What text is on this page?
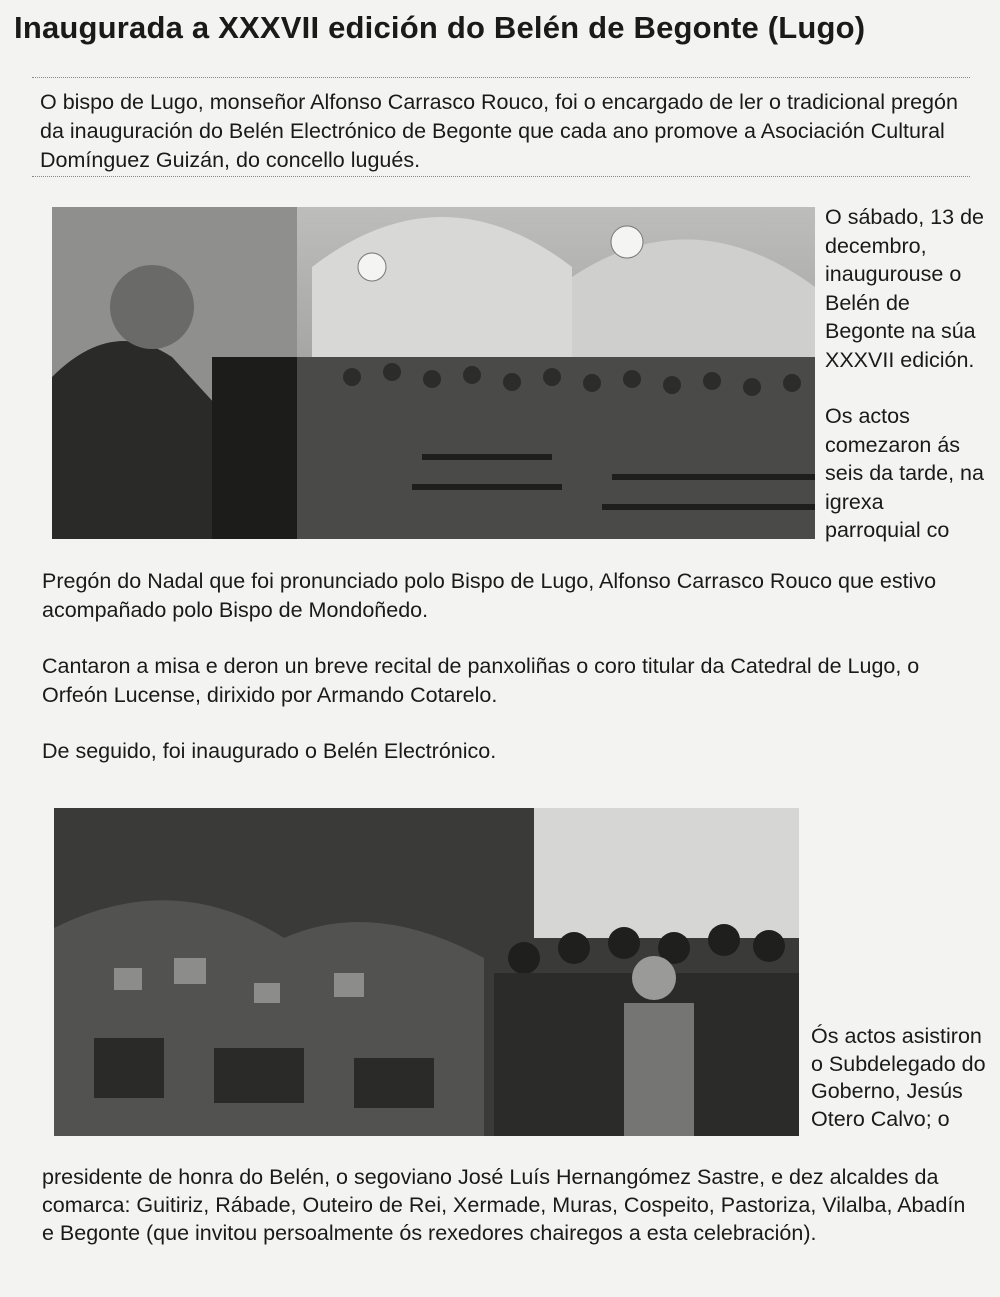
Inaugurada a XXXVII edición do Belén de Begonte (Lugo)
O bispo de Lugo, monseñor Alfonso Carrasco Rouco, foi o encargado de ler o tradicional pregón da inauguración do Belén Electrónico de Begonte que cada ano promove a Asociación Cultural Domínguez Guizán, do concello lugués.

O sábado, 13 de decembro, inaugurouse o Belén de Begonte na súa XXXVII edición.

Os actos comezaron ás seis da tarde, na igrexa parroquial co

Pregón do Nadal que foi pronunciado polo Bispo de Lugo, Alfonso Carrasco Rouco que estivo acompañado polo Bispo de Mondoñedo.

Cantaron a misa e deron un breve recital de panxoliñas o coro titular da Catedral de Lugo, o Orfeón Lucense, dirixido por Armando Cotarelo.

De seguido, foi inaugurado o Belén Electrónico.

Ós actos asistiron o Subdelegado do Goberno, Jesús Otero Calvo; o

presidente de honra do Belén, o segoviano José Luís Hernangómez Sastre, e dez alcaldes da comarca: Guitiriz, Rábade, Outeiro de Rei, Xermade, Muras, Cospeito, Pastoriza, Vilalba, Abadín e Begonte (que invitou persoalmente ós rexedores chairegos a esta celebración).
